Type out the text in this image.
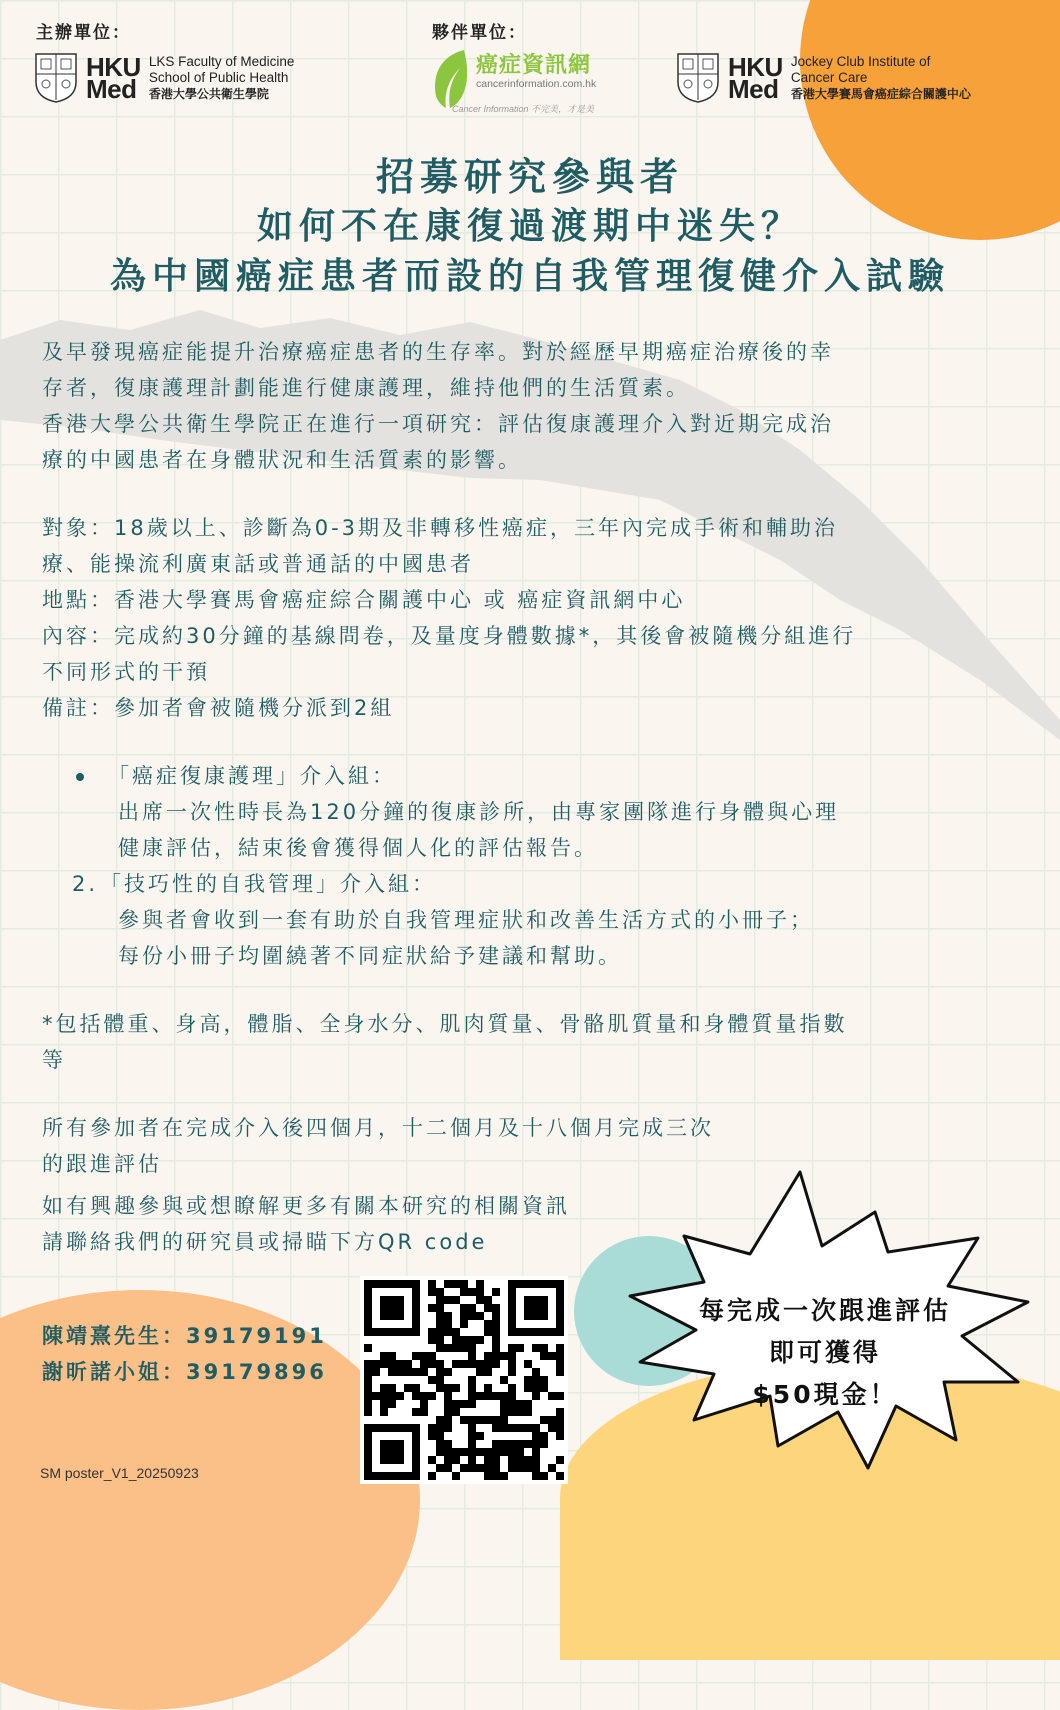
主辦單位：	夥伴單位：
HKU
Med
LKS Faculty of Medicine
School of Public Health
香港大學公共衛生學院
癌症資訊網
cancerinformation.com.hk
Cancer Information 不完美，才是美
HKU
Med
Jockey Club Institute of
Cancer Care
香港大學賽馬會癌症綜合關護中心
招募研究參與者
如何不在康復過渡期中迷失？
為中國癌症患者而設的自我管理復健介入試驗
及早發現癌症能提升治療癌症患者的生存率。對於經歷早期癌症治療後的幸
存者，復康護理計劃能進行健康護理，維持他們的生活質素。
香港大學公共衛生學院正在進行一項研究：評估復康護理介入對近期完成治
療的中國患者在身體狀況和生活質素的影響。
對象：18歲以上、診斷為0-3期及非轉移性癌症，三年內完成手術和輔助治
療、能操流利廣東話或普通話的中國患者
地點：香港大學賽馬會癌症綜合關護中心 或 癌症資訊網中心
內容：完成約30分鐘的基線問卷，及量度身體數據*，其後會被隨機分組進行
不同形式的干預
備註：參加者會被隨機分派到2組
「癌症復康護理」介入組：
出席一次性時長為120分鐘的復康診所，由專家團隊進行身體與心理
健康評估，結束後會獲得個人化的評估報告。
2. 「技巧性的自我管理」介入組：
參與者會收到一套有助於自我管理症狀和改善生活方式的小冊子；
每份小冊子均圍繞著不同症狀給予建議和幫助。
*包括體重、身高，體脂、全身水分、肌肉質量、骨骼肌質量和身體質量指數
等
所有參加者在完成介入後四個月，十二個月及十八個月完成三次
的跟進評估
如有興趣參與或想瞭解更多有關本研究的相關資訊
請聯絡我們的研究員或掃瞄下方QR code
陳靖熹先生：39179191
謝昕諾小姐：39179896
每完成一次跟進評估
即可獲得
$50現金！
SM poster_V1_20250923
